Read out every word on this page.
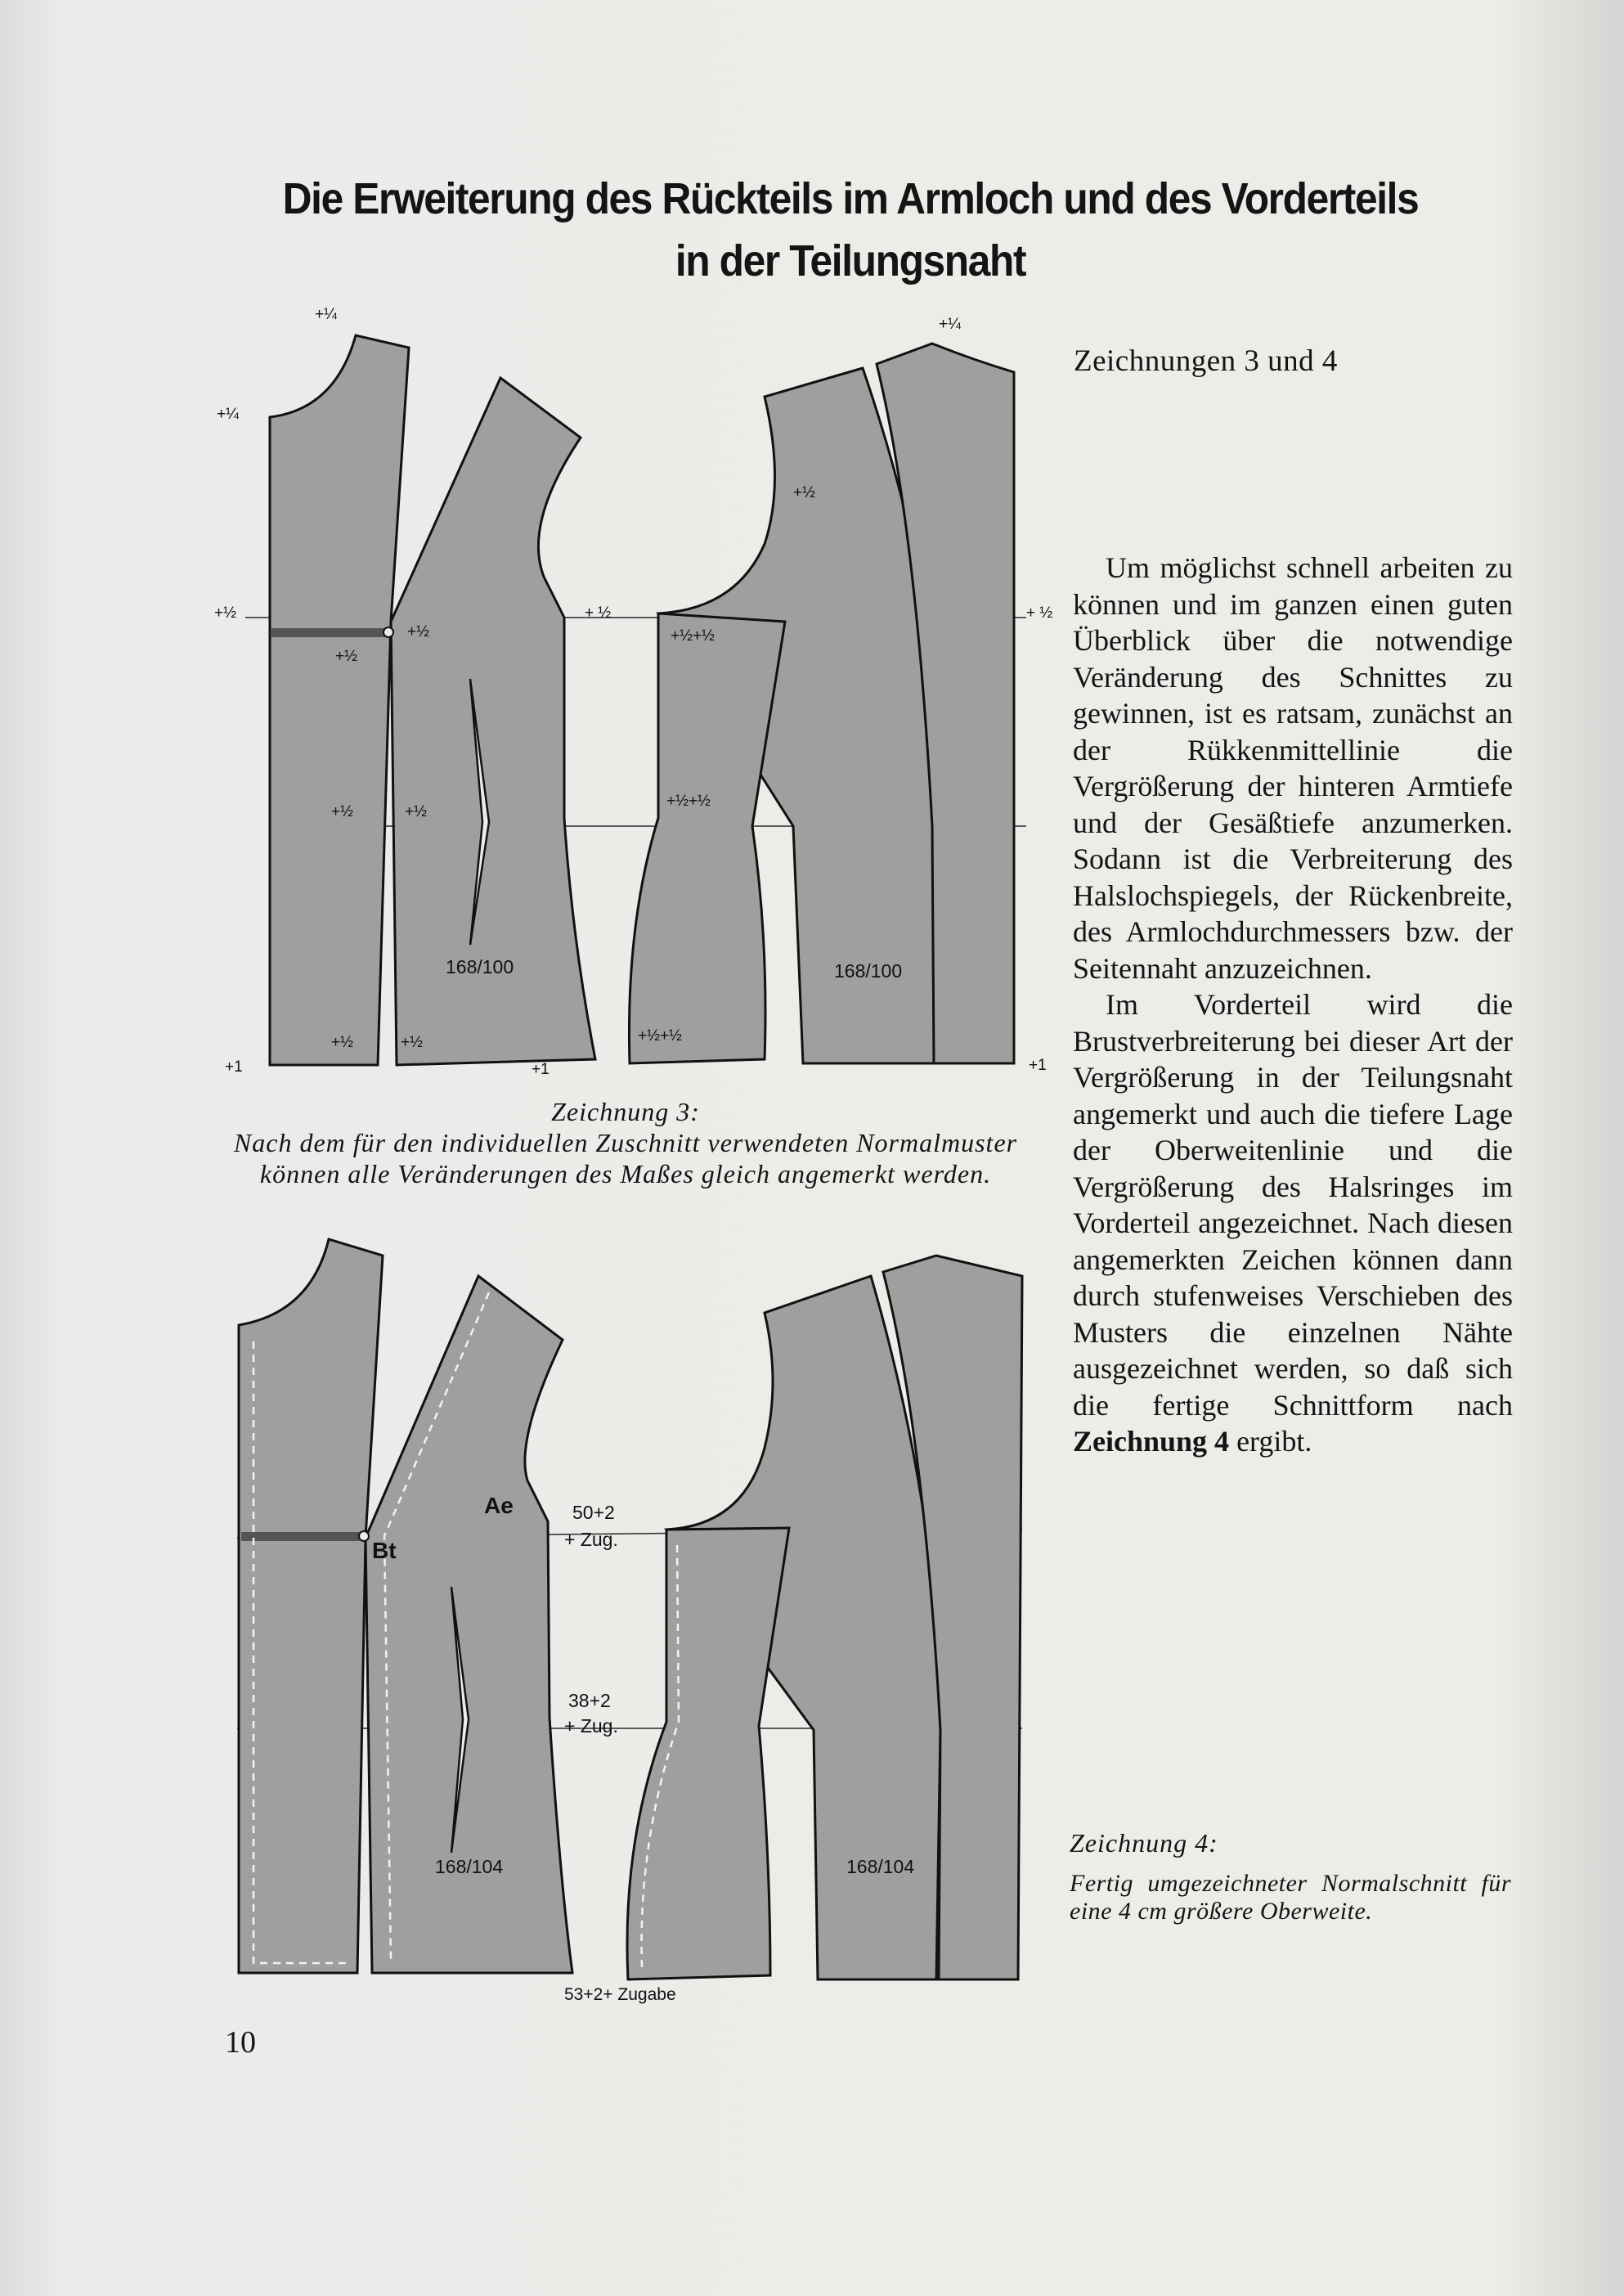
Die Erweiterung des Rückteils im Armloch und des Vorderteils
in der Teilungsnaht
Zeichnungen 3 und 4

Um möglichst schnell arbeiten zu können und im ganzen einen guten Überblick über die notwendige Veränderung des Schnittes zu gewinnen, ist es ratsam, zunächst an der Rükkenmittellinie die Vergrößerung der hinteren Armtiefe und der Gesäßtiefe anzumerken. Sodann ist die Verbreiterung des Halslochspiegels, der Rückenbreite, des Armlochdurchmessers bzw. der Seitennaht anzuzeichnen.

Im Vorderteil wird die Brustverbreiterung bei dieser Art der Vergrößerung in der Teilungsnaht angemerkt und auch die tiefere Lage der Oberweitenlinie und die Vergrößerung des Halsringes im Vorderteil angezeichnet. Nach diesen angemerkten Zeichen können dann durch stufenweises Verschieben des Musters die einzelnen Nähte ausgezeichnet werden, so daß sich die fertige Schnittform nach Zeichnung 4 ergibt.

+¼
+¼
+½
+½
+½
+½	+½
+½	+½
+1	+1
+ ½
+½+½
+½+½
+½+½
+½
+¼
+ ½
+1
168/100	168/100
Ae
Bt
50+2
+ Zug.
38+2
+ Zug.
53+2+ Zugabe
168/104	168/104
Zeichnung 3:
Nach dem für den individuellen Zuschnitt verwendeten Normalmuster können alle Veränderungen des Maßes gleich angemerkt werden.
Zeichnung 4:
Fertig umgezeichneter Normalschnitt für eine 4 cm größere Oberweite.
10
